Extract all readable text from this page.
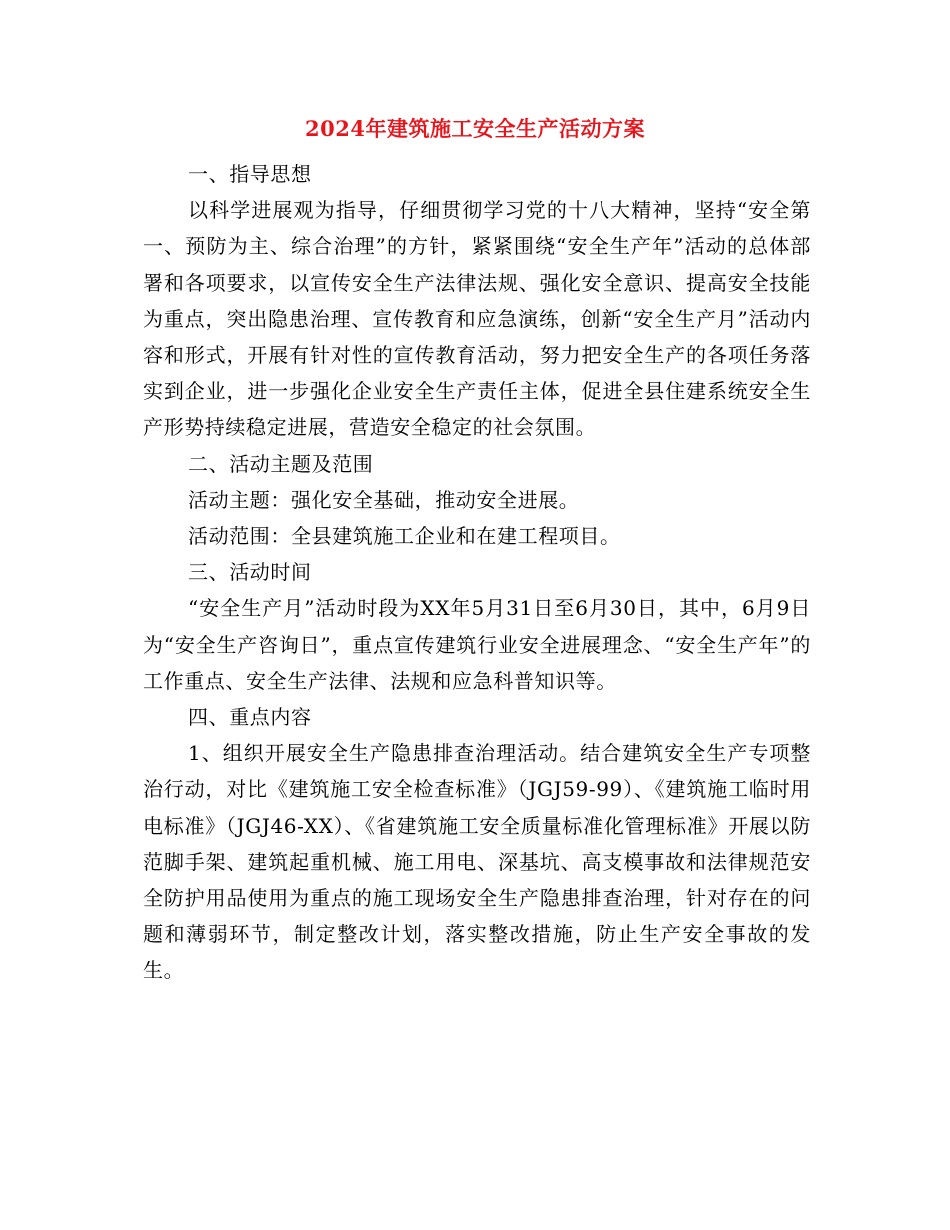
2024年建筑施工安全生产活动方案

一、指导思想

以科学进展观为指导，仔细贯彻学习党的十八大精神，坚持“安全第一、预防为主、综合治理”的方针，紧紧围绕“安全生产年”活动的总体部署和各项要求，以宣传安全生产法律法规、强化安全意识、提高安全技能为重点，突出隐患治理、宣传教育和应急演练，创新“安全生产月”活动内容和形式，开展有针对性的宣传教育活动，努力把安全生产的各项任务落实到企业，进一步强化企业安全生产责任主体，促进全县住建系统安全生产形势持续稳定进展，营造安全稳定的社会氛围。

二、活动主题及范围

活动主题：强化安全基础，推动安全进展。

活动范围：全县建筑施工企业和在建工程项目。

三、活动时间

“安全生产月”活动时段为XX年5月31日至6月30日，其中，6月9日为“安全生产咨询日”，重点宣传建筑行业安全进展理念、“安全生产年”的工作重点、安全生产法律、法规和应急科普知识等。

四、重点内容

1、组织开展安全生产隐患排查治理活动。结合建筑安全生产专项整治行动，对比《建筑施工安全检查标准》（JGJ59-99）、《建筑施工临时用电标准》（JGJ46-XX）、《省建筑施工安全质量标准化管理标准》开展以防范脚手架、建筑起重机械、施工用电、深基坑、高支模事故和法律规范安全防护用品使用为重点的施工现场安全生产隐患排查治理，针对存在的问题和薄弱环节，制定整改计划，落实整改措施，防止生产安全事故的发生。
